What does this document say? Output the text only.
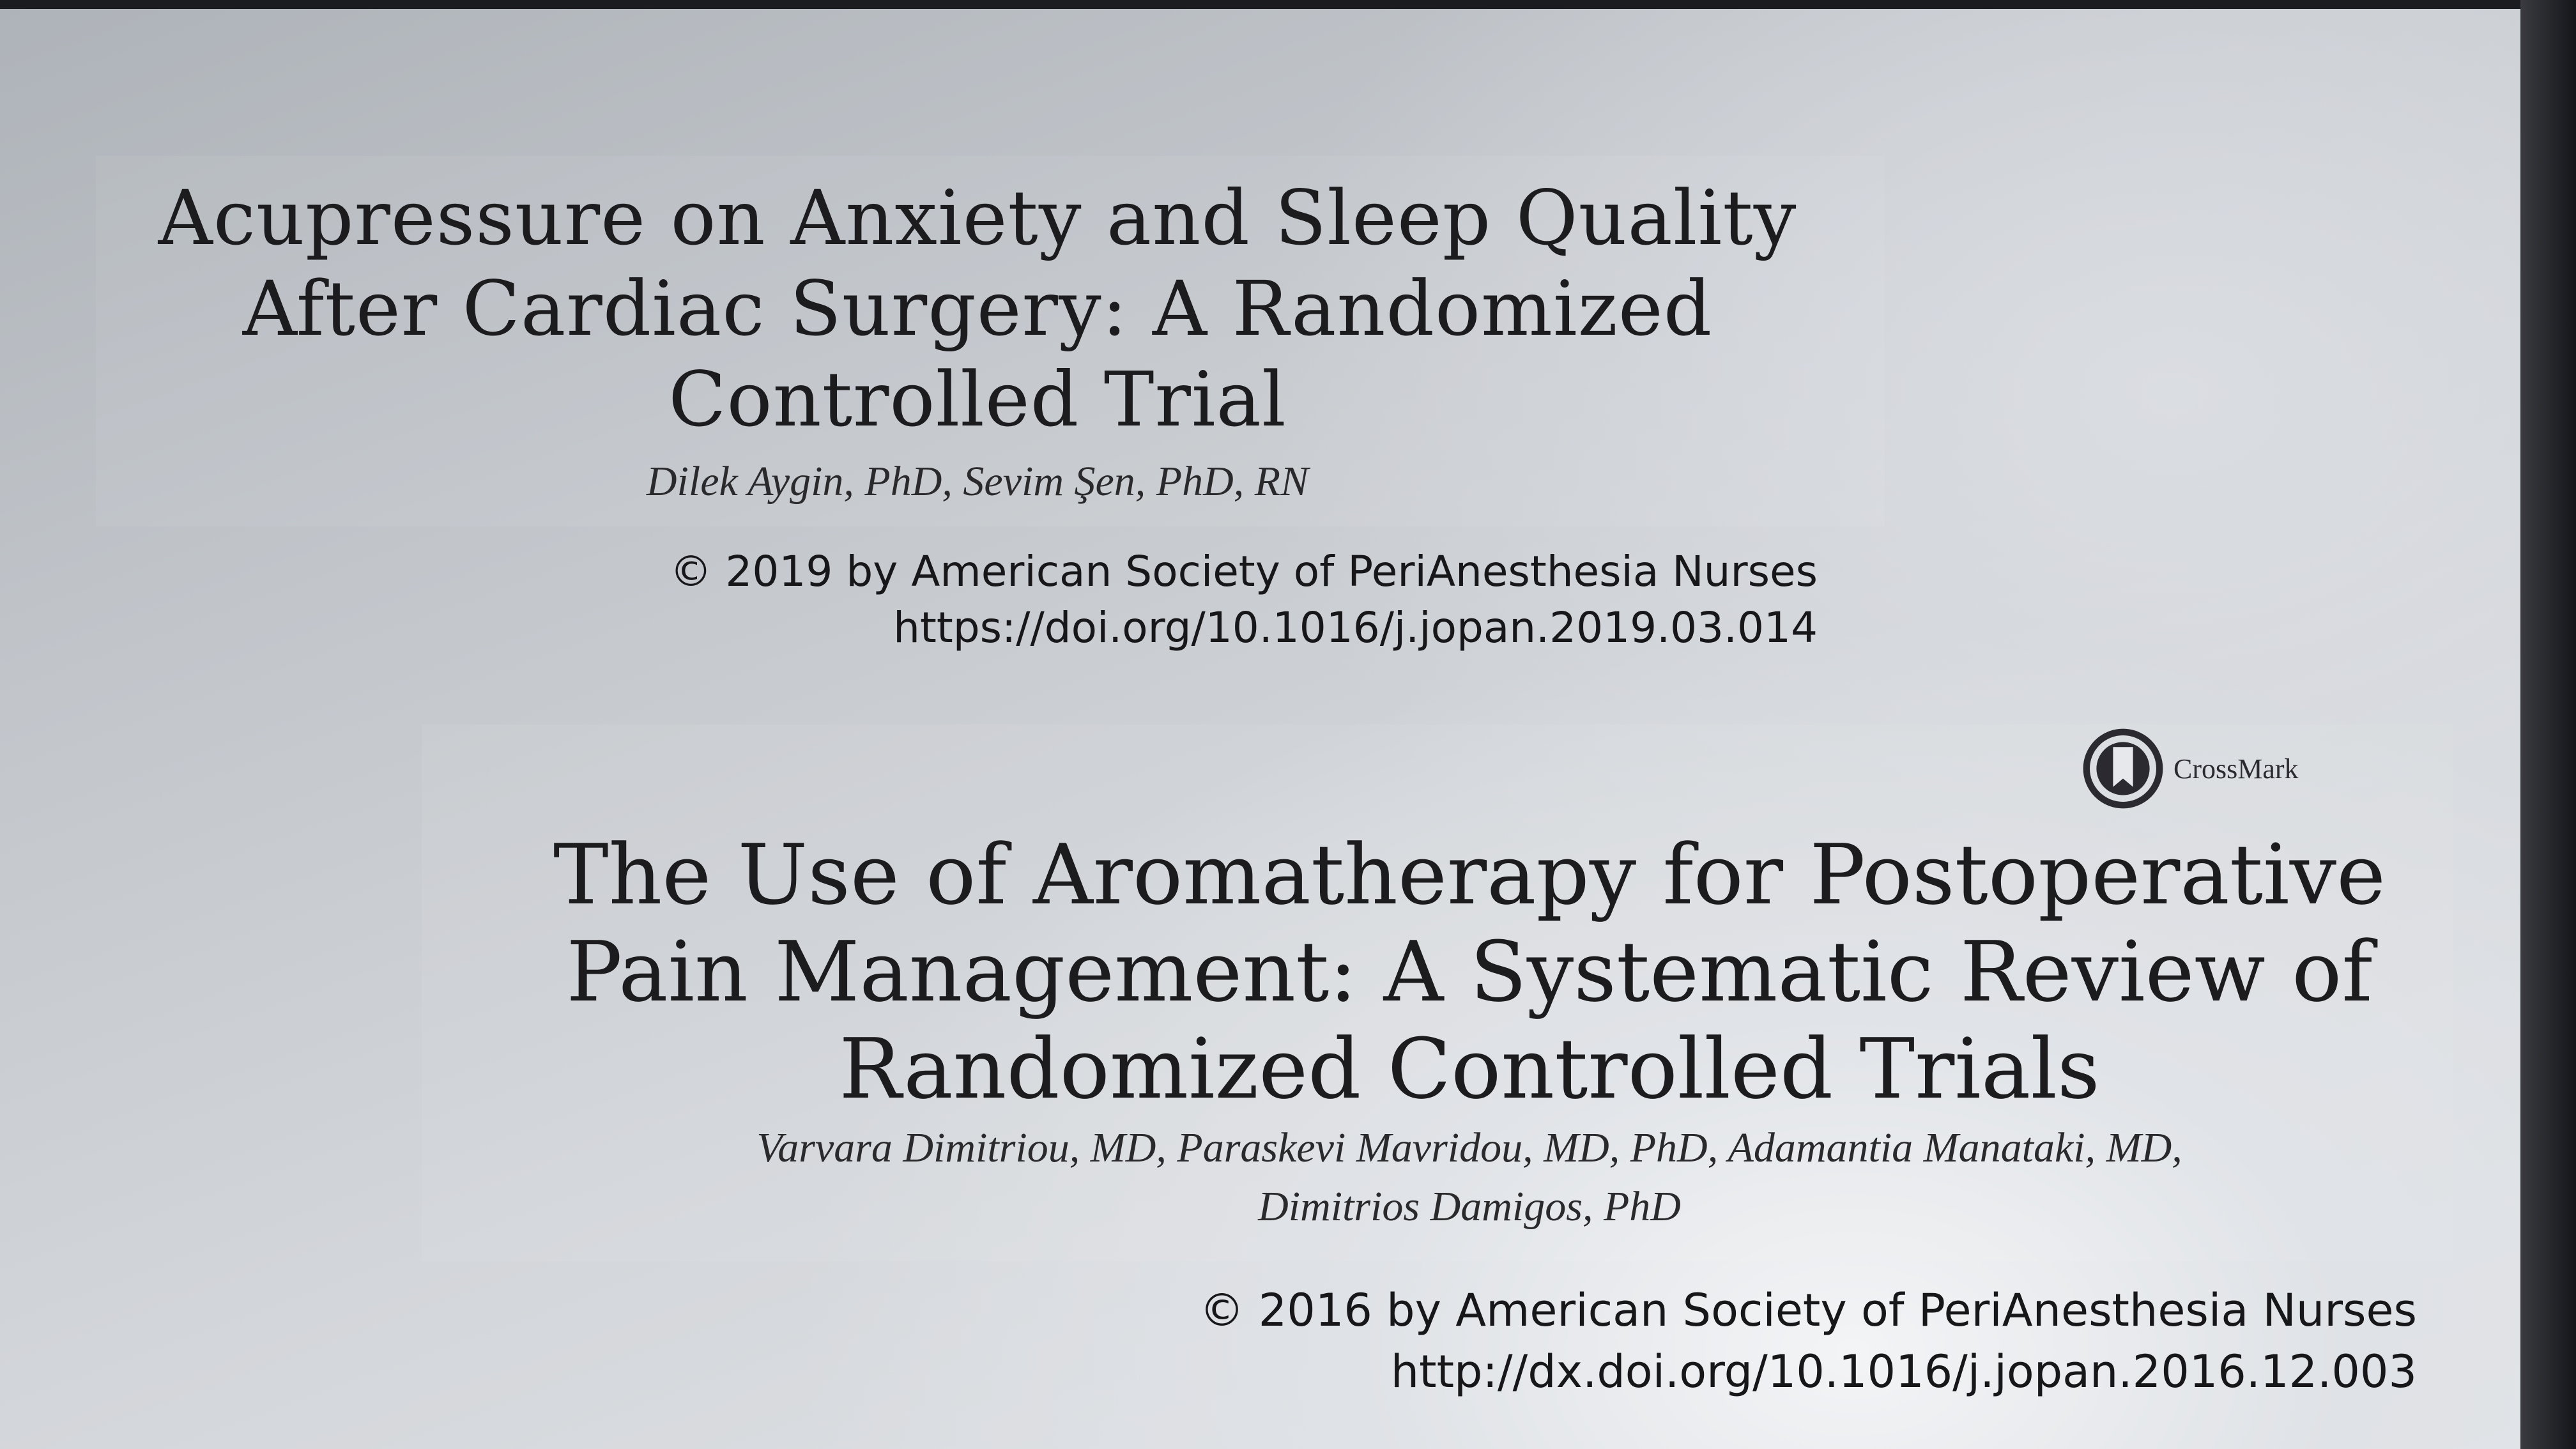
Acupressure on Anxiety and Sleep Quality
After Cardiac Surgery: A Randomized
Controlled Trial

Dilek Aygin, PhD, Sevim Şen, PhD, RN

© 2019 by American Society of PeriAnesthesia Nurses
https://doi.org/10.1016/j.jopan.2019.03.014
CrossMark
The Use of Aromatherapy for Postoperative
Pain Management: A Systematic Review of
Randomized Controlled Trials

Varvara Dimitriou, MD, Paraskevi Mavridou, MD, PhD, Adamantia Manataki, MD,
Dimitrios Damigos, PhD

© 2016 by American Society of PeriAnesthesia Nurses
http://dx.doi.org/10.1016/j.jopan.2016.12.003
